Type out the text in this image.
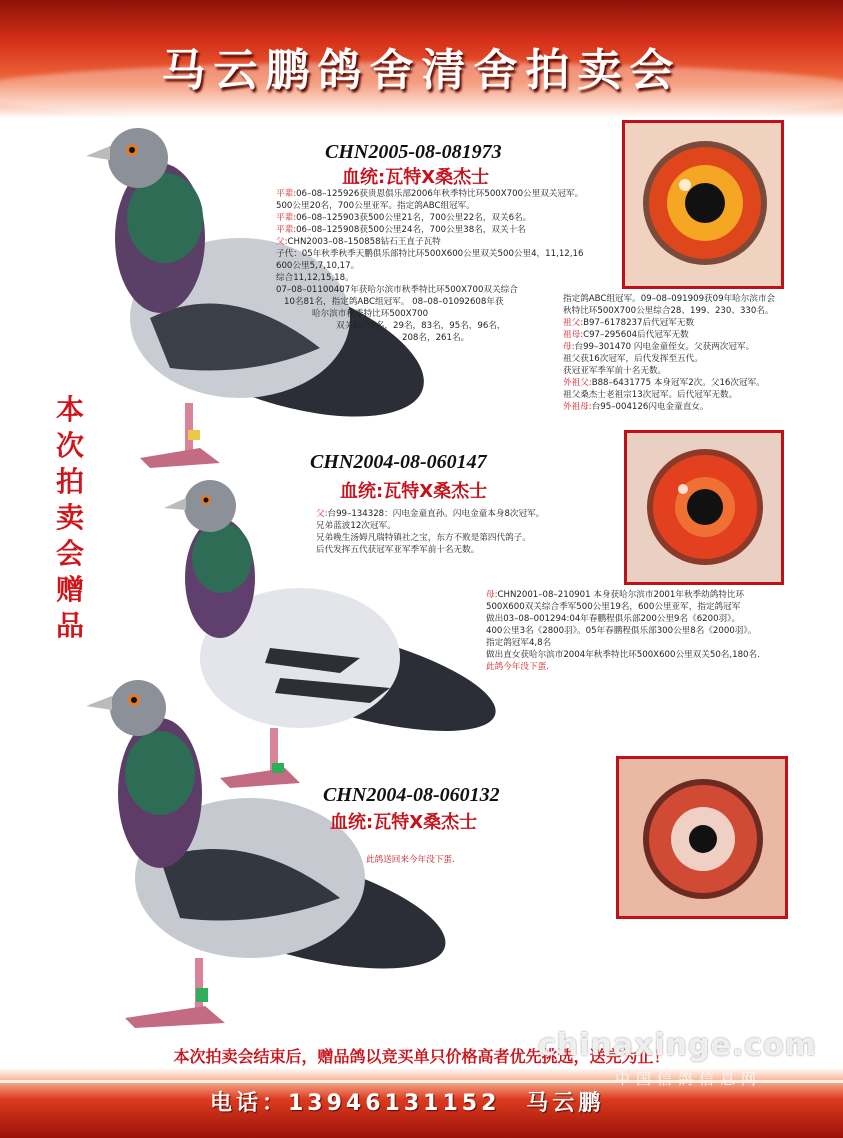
马云鹏鸽舍清舍拍卖会
本
次
拍
卖
会
赠
品
CHN2005-08-081973
血统:瓦特X桑杰士
平辈:06–08–125926获贵恩俱乐部2006年秋季特比环500X700公里双关冠军。
500公里20名，700公里亚军。指定鸽ABC组冠军。
平辈:06–08–125903获500公里21名，700公里22名，双关6名。
平辈:06–08–125908获500公里24名，700公里38名，双关十名
父:CHN2003–08–150858钻石王直子瓦特
子代：05年秋季秋季天鹏俱乐部特比环500X600公里双关500公里4，11,12,16
600公里5,7,10,17。
综合11,12,15,18。
07–08–01100407年获哈尔滨市秋季特比环500X700双关综合
10名81名，指定鸽ABC组冠军。 08–08–01092608年获
哈尔滨市秋季特比环500X700
双关综合8名，29名，83名，95名，96名，
208名，261名。
指定鸽ABC组冠军。09–08–091909获09年哈尔滨市会
秋特比环500X700公里综合28、199、230、330名。
祖父:B97–6178237后代冠军无数
祖母:C97–295604后代冠军无数
母:台99–301470 闪电金童侄女。父获两次冠军。
祖父获16次冠军，后代发挥至五代。
获冠亚军季军前十名无数。
外祖父:B88–6431775 本身冠军2次。父16次冠军。
祖父桑杰士老祖宗13次冠军。后代冠军无数。
外祖母:台95–004126闪电金童直女。
CHN2004-08-060147
血统:瓦特X桑杰士
父:台99–134328：闪电金童直孙。闪电金童本身8次冠军。
兄弟蓝波12次冠军。
兄弟晚生汤姆凡瑞特镇社之宝，东方不败是第四代鸽子。
后代发挥五代获冠军亚军季军前十名无数。
母:CHN2001–08–210901 本身获哈尔滨市2001年秋季幼鸽特比环
500X600双关综合季军500公里19名，600公里亚军，指定鸽冠军
做出03–08–001294:04年春鹏程俱乐部200公里9名《6200羽》。
400公里3名《2800羽》。05年春鹏程俱乐部300公里8名《2000羽》。
指定鸽冠军4,8名
做出直女获哈尔滨市2004年秋季特比环500X600公里双关50名,180名.
此鸽今年没下蛋.
CHN2004-08-060132
血统:瓦特X桑杰士
此鸽送回来今年没下蛋.
本次拍卖会结束后，赠品鸽以竞买单只价格高者优先挑选，送完为止！
电话：13946131152　马云鹏
chinaxinge.com
中国信鸽信息网
